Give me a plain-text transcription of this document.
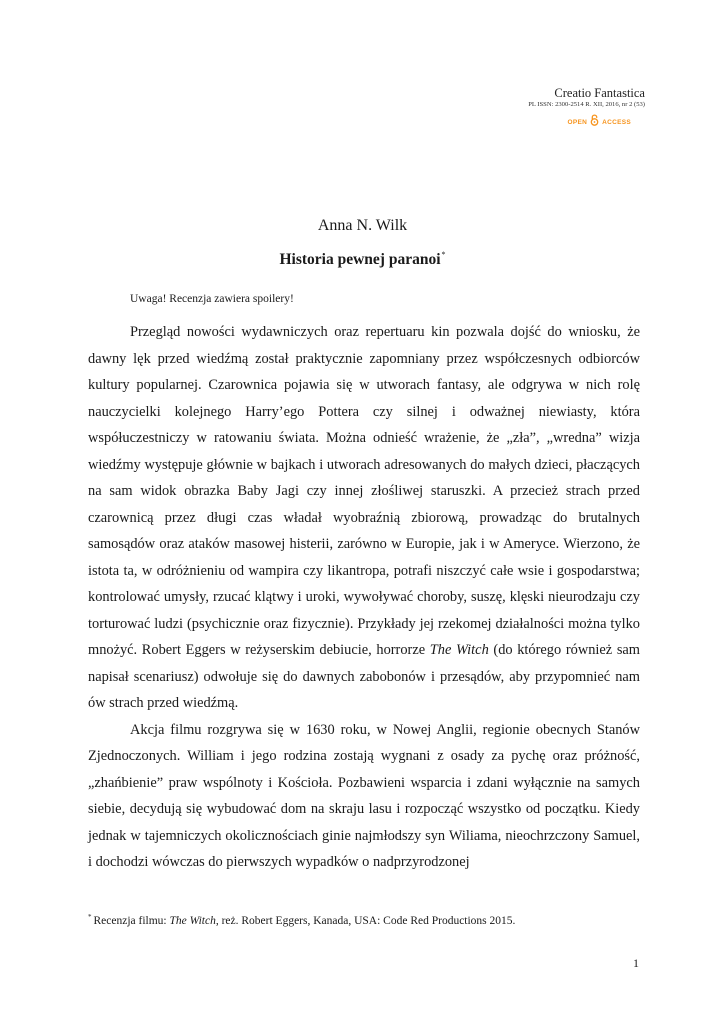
Creatio Fantastica
PL ISSN: 2300-2514 R. XII, 2016, nr 2 (53)
OPEN ACCESS
Anna N. Wilk
Historia pewnej paranoi*
Uwaga! Recenzja zawiera spoilery!

Przegląd nowości wydawniczych oraz repertuaru kin pozwala dojść do wniosku, że dawny lęk przed wiedźmą został praktycznie zapomniany przez współczesnych odbiorców kultury popularnej. Czarownica pojawia się w utworach fantasy, ale odgrywa w nich rolę nauczycielki kolejnego Harry’ego Pottera czy silnej i odważnej niewiasty, która współuczestniczy w ratowaniu świata. Można odnieść wrażenie, że „zła”, „wredna” wizja wiedźmy występuje głównie w bajkach i utworach adresowanych do małych dzieci, płaczących na sam widok obrazka Baby Jagi czy innej złośliwej staruszki. A przecież strach przed czarownicą przez długi czas władał wyobraźnią zbiorową, prowadząc do brutalnych samosądów oraz ataków masowej histerii, zarówno w Europie, jak i w Ameryce. Wierzono, że istota ta, w odróżnieniu od wampira czy likantropa, potrafi niszczyć całe wsie i gospodarstwa; kontrolować umysły, rzucać klątwy i uroki, wywoływać choroby, suszę, klęski nieurodzaju czy torturować ludzi (psychicznie oraz fizycznie). Przykłady jej rzekomej działalności można tylko mnożyć. Robert Eggers w reżyserskim debiucie, horrorze The Witch (do którego również sam napisał scenariusz) odwołuje się do dawnych zabobonów i przesądów, aby przypomnieć nam ów strach przed wiedźmą.

Akcja filmu rozgrywa się w 1630 roku, w Nowej Anglii, regionie obecnych Stanów Zjednoczonych. William i jego rodzina zostają wygnani z osady za pychę oraz próżność, „zhańbienie” praw wspólnoty i Kościoła. Pozbawieni wsparcia i zdani wyłącznie na samych siebie, decydują się wybudować dom na skraju lasu i rozpocząć wszystko od początku. Kiedy jednak w tajemniczych okolicznościach ginie najmłodszy syn Wiliama, nieochrzczony Samuel, i dochodzi wówczas do pierwszych wypadków o nadprzyrodzonej

* Recenzja filmu: The Witch, reż. Robert Eggers, Kanada, USA: Code Red Productions 2015.
1
